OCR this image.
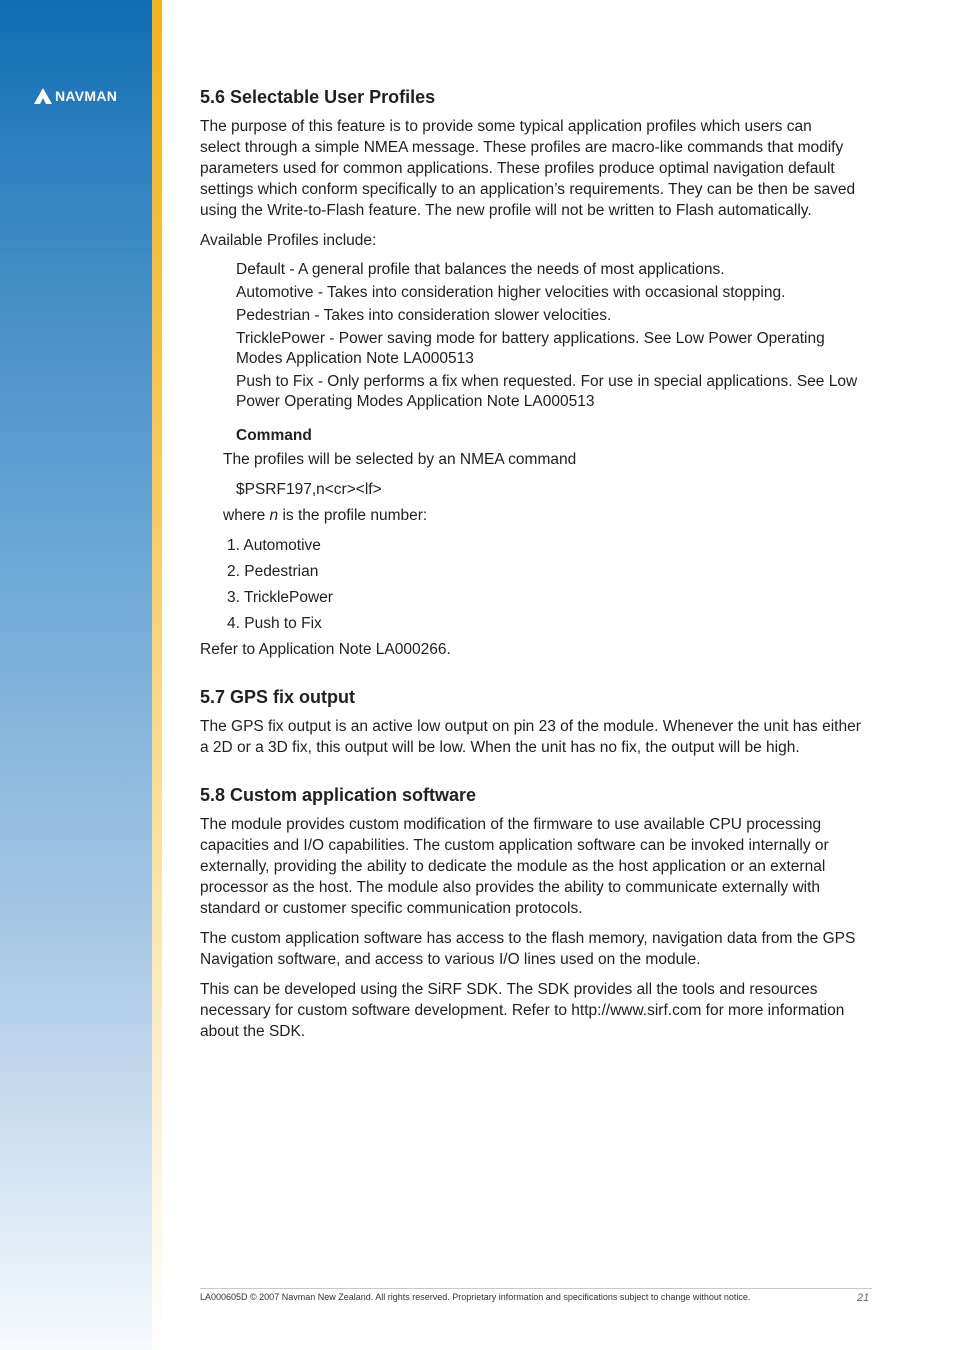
NAVMAN	5.6 Selectable User Profiles

The purpose of this feature is to provide some typical application profiles which users can
select through a simple NMEA message. These profiles are macro-like commands that modify
parameters used for common applications. These profiles produce optimal navigation default
settings which conform specifically to an application’s requirements. They can be then be saved
using the Write-to-Flash feature. The new profile will not be written to Flash automatically.

Available Profiles include:

Default - A general profile that balances the needs of most applications.
Automotive - Takes into consideration higher velocities with occasional stopping.
Pedestrian - Takes into consideration slower velocities.
TricklePower - Power saving mode for battery applications. See Low Power Operating
Modes Application Note LA000513
Push to Fix - Only performs a fix when requested. For use in special applications. See Low
Power Operating Modes Application Note LA000513
Command

The profiles will be selected by an NMEA command

$PSRF197,n<cr><lf>

where n is the profile number:

1. Automotive
2. Pedestrian
3. TricklePower
4. Push to Fix

Refer to Application Note LA000266.

5.7 GPS fix output

The GPS fix output is an active low output on pin 23 of the module. Whenever the unit has either
a 2D or a 3D fix, this output will be low. When the unit has no fix, the output will be high.

5.8 Custom application software

The module provides custom modification of the firmware to use available CPU processing
capacities and I/O capabilities. The custom application software can be invoked internally or
externally, providing the ability to dedicate the module as the host application or an external
processor as the host. The module also provides the ability to communicate externally with
standard or customer specific communication protocols.

The custom application software has access to the flash memory, navigation data from the GPS
Navigation software, and access to various I/O lines used on the module.

This can be developed using the SiRF SDK. The SDK provides all the tools and resources
necessary for custom software development. Refer to http://www.sirf.com for more information
about the SDK.

LA000605D © 2007 Navman New Zealand. All rights reserved. Proprietary information and specifications subject to change without notice.	21
